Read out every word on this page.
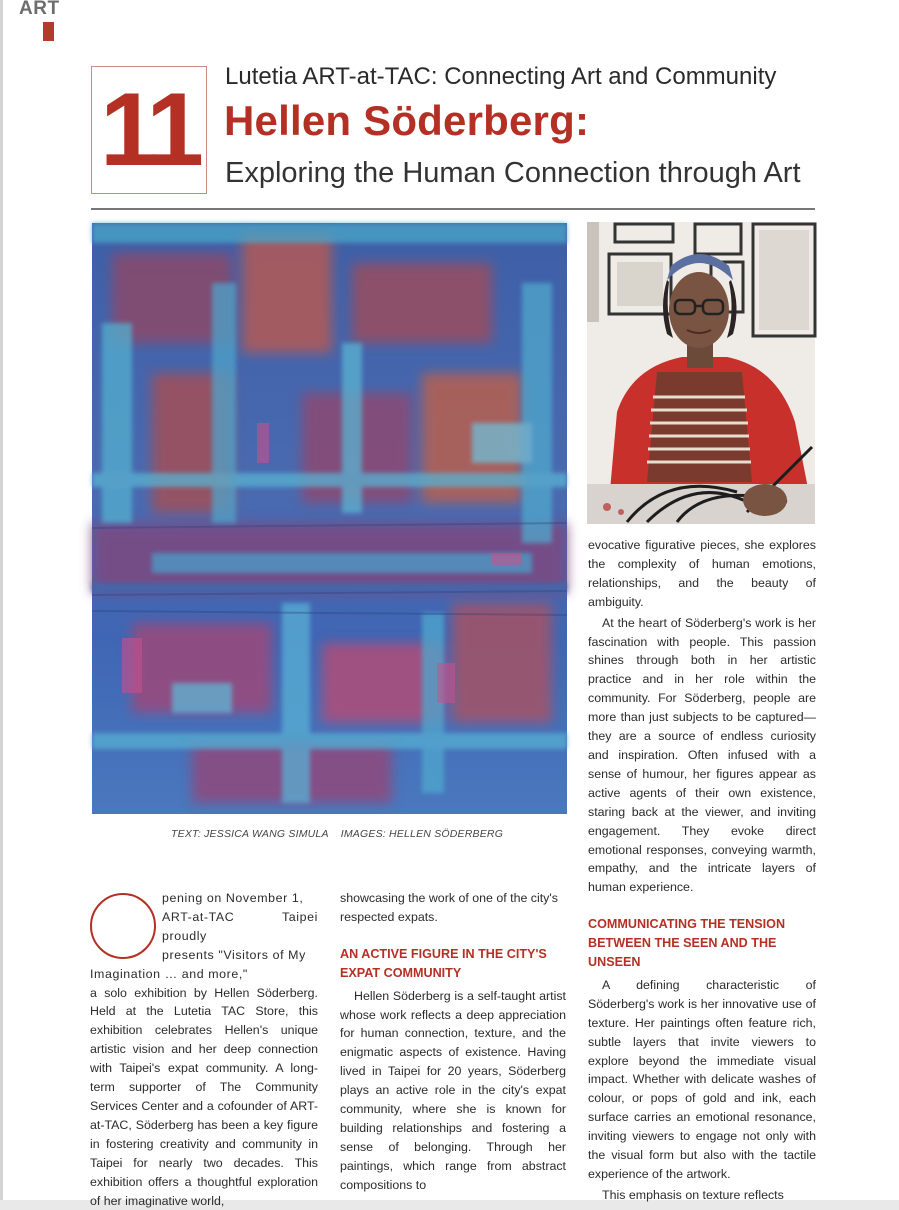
ART
11	Lutetia ART-at-TAC: Connecting Art and Community
Hellen Söderberg:
Exploring the Human Connection through Art
TEXT: JESSICA WANG SIMULA    IMAGES: HELLEN SÖDERBERG
pening on November 1,
ART-at-TAC Taipei proudly
presents "Visitors of My
Imagination … and more,"

a solo exhibition by Hellen Söderberg. Held at the Lutetia TAC Store, this exhibition celebrates Hellen's unique artistic vision and her deep connection with Taipei's expat community. A long-term supporter of The Community Services Center and a cofounder of ART-at-TAC, Söderberg has been a key figure in fostering creativity and community in Taipei for nearly two decades. This exhibition offers a thoughtful exploration of her imaginative world,

showcasing the work of one of the city's respected expats.

AN ACTIVE FIGURE IN THE CITY'S EXPAT COMMUNITY

Hellen Söderberg is a self-taught artist whose work reflects a deep appreciation for human connection, texture, and the enigmatic aspects of existence. Having lived in Taipei for 20 years, Söderberg plays an active role in the city's expat community, where she is known for building relationships and fostering a sense of belonging. Through her paintings, which range from abstract compositions to

evocative figurative pieces, she explores the complexity of human emotions, relationships, and the beauty of ambiguity.

At the heart of Söderberg's work is her fascination with people. This passion shines through both in her artistic practice and in her role within the community. For Söderberg, people are more than just subjects to be captured—they are a source of endless curiosity and inspiration. Often infused with a sense of humour, her figures appear as active agents of their own existence, staring back at the viewer, and inviting engagement. They evoke direct emotional responses, conveying warmth, empathy, and the intricate layers of human experience.

COMMUNICATING THE TENSION BETWEEN THE SEEN AND THE UNSEEN

A defining characteristic of Söderberg's work is her innovative use of texture. Her paintings often feature rich, subtle layers that invite viewers to explore beyond the immediate visual impact. Whether with delicate washes of colour, or pops of gold and ink, each surface carries an emotional resonance, inviting viewers to engage not only with the visual form but also with the tactile experience of the artwork.

This emphasis on texture reflects
